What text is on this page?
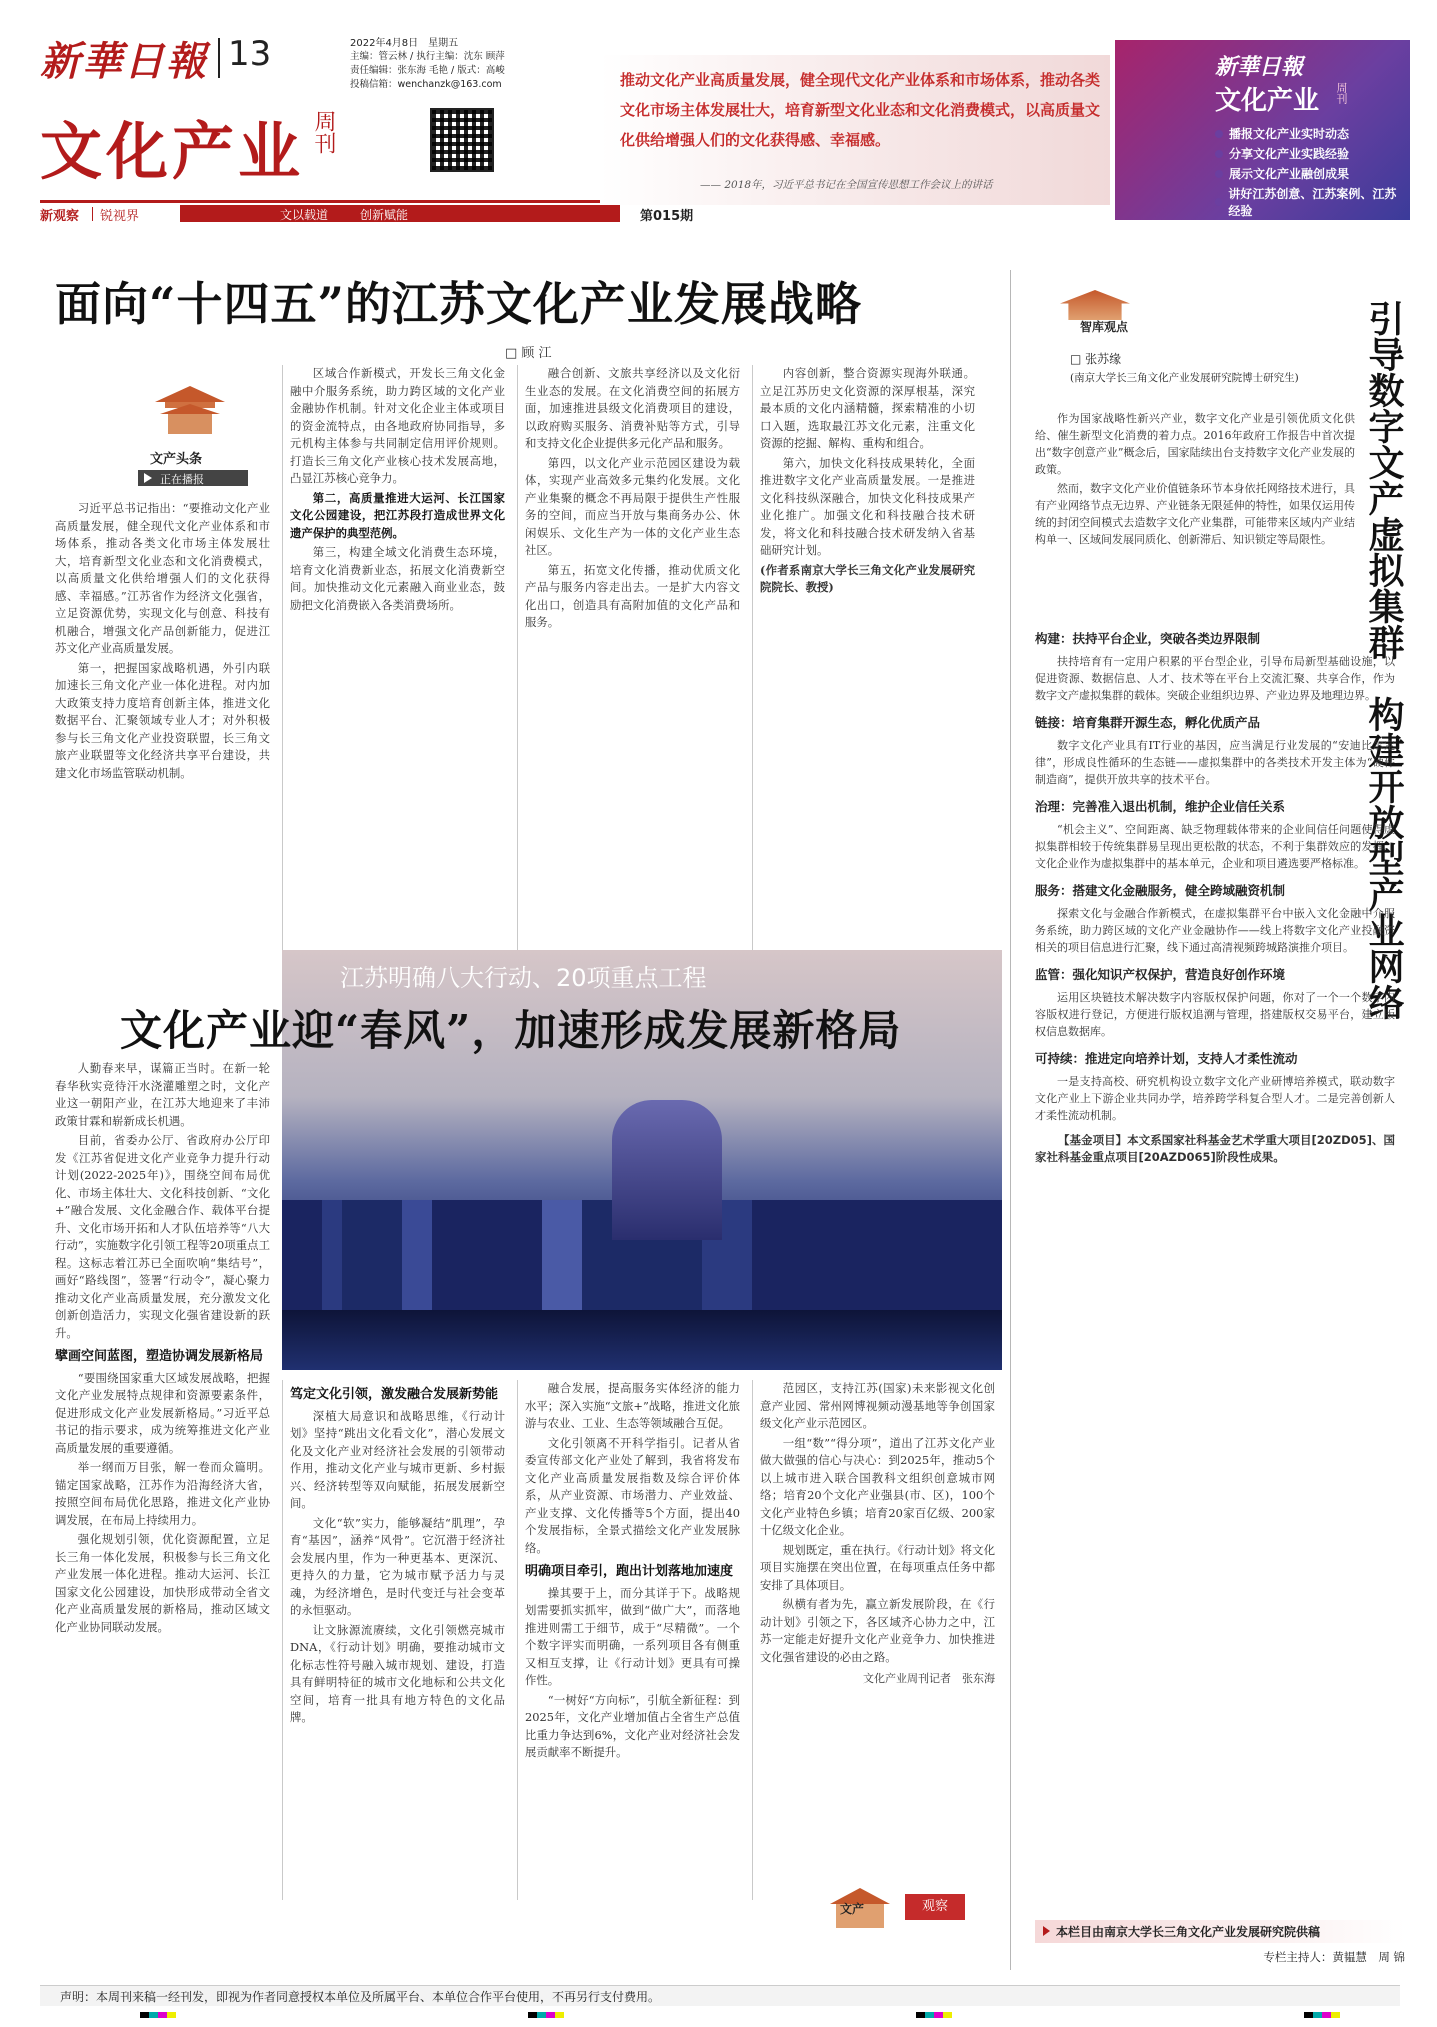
新華日報 13	2022年4月8日　星期五
主编：管云林 / 执行主编：沈东 顾萍
责任编辑：张东海 毛艳 / 版式：高峻
投稿信箱：wenchanzk@163.com
文化产业 周刊
新观察 锐视界	文以载道	创新赋能	第015期
推动文化产业高质量发展，健全现代文化产业体系和市场体系，推动各类文化市场主体发展壮大，培育新型文化业态和文化消费模式，以高质量文化供给增强人们的文化获得感、幸福感。
—— 2018年，习近平总书记在全国宣传思想工作会议上的讲话
新華日報
文化产业 周刊
播报文化产业实时动态
分享文化产业实践经验
展示文化产业融创成果
讲好江苏创意、江苏案例、江苏经验
面向“十四五”的江苏文化产业发展战略
□ 顾 江
文产头条
正在播报

习近平总书记指出：“要推动文化产业高质量发展，健全现代文化产业体系和市场体系，推动各类文化市场主体发展壮大，培育新型文化业态和文化消费模式，以高质量文化供给增强人们的文化获得感、幸福感。”江苏省作为经济文化强省，立足资源优势，实现文化与创意、科技有机融合，增强文化产品创新能力，促进江苏文化产业高质量发展。

第一，把握国家战略机遇，外引内联加速长三角文化产业一体化进程。对内加大政策支持力度培育创新主体，推进文化数据平台、汇聚领域专业人才；对外积极参与长三角文化产业投资联盟，长三角文旅产业联盟等文化经济共享平台建设，共建文化市场监管联动机制。

区域合作新模式，开发长三角文化金融中介服务系统，助力跨区域的文化产业金融协作机制。针对文化企业主体或项目的资金流特点，由各地政府协同指导，多元机构主体参与共同制定信用评价规则。打造长三角文化产业核心技术发展高地，凸显江苏核心竞争力。

第二，高质量推进大运河、长江国家文化公园建设，把江苏段打造成世界文化遗产保护的典型范例。

第三，构建全域文化消费生态环境，培育文化消费新业态，拓展文化消费新空间。加快推动文化元素融入商业业态，鼓励把文化消费嵌入各类消费场所。

融合创新、文旅共享经济以及文化衍生业态的发展。在文化消费空间的拓展方面，加速推进县级文化消费项目的建设，以政府购买服务、消费补贴等方式，引导和支持文化企业提供多元化产品和服务。

第四，以文化产业示范园区建设为载体，实现产业高效多元集约化发展。文化产业集聚的概念不再局限于提供生产性服务的空间，而应当开放与集商务办公、休闲娱乐、文化生产为一体的文化产业生态社区。

第五，拓宽文化传播，推动优质文化产品与服务内容走出去。一是扩大内容文化出口，创造具有高附加值的文化产品和服务。

内容创新，整合资源实现海外联通。立足江苏历史文化资源的深厚根基，深究最本质的文化内涵精髓，探索精准的小切口入题，选取最江苏文化元素，注重文化资源的挖掘、解构、重构和组合。

第六，加快文化科技成果转化，全面推进数字文化产业高质量发展。一是推进文化科技纵深融合，加快文化科技成果产业化推广。加强文化和科技融合技术研发，将文化和科技融合技术研发纳入省基础研究计划。

(作者系南京大学长三角文化产业发展研究院院长、教授)

江苏明确八大行动、20项重点工程
文化产业迎“春风”，加速形成发展新格局

人勤春来早，谋篇正当时。在新一轮春华秋实竞待汗水浇灌雕塑之时，文化产业这一朝阳产业，在江苏大地迎来了丰沛政策甘霖和崭新成长机遇。

目前，省委办公厅、省政府办公厅印发《江苏省促进文化产业竞争力提升行动计划(2022-2025年)》，围绕空间布局优化、市场主体壮大、文化科技创新、“文化+”融合发展、文化金融合作、载体平台提升、文化市场开拓和人才队伍培养等“八大行动”，实施数字化引领工程等20项重点工程。这标志着江苏已全面吹响“集结号”，画好“路线图”，签署“行动令”，凝心聚力推动文化产业高质量发展，充分激发文化创新创造活力，实现文化强省建设新的跃升。

擘画空间蓝图，塑造协调发展新格局

“要围绕国家重大区域发展战略，把握文化产业发展特点规律和资源要素条件，促进形成文化产业发展新格局。”习近平总书记的指示要求，成为统筹推进文化产业高质量发展的重要遵循。

举一纲而万目张，解一卷而众篇明。锚定国家战略，江苏作为沿海经济大省，按照空间布局优化思路，推进文化产业协调发展，在布局上持续用力。

强化规划引领，优化资源配置，立足长三角一体化发展，积极参与长三角文化产业发展一体化进程。推动大运河、长江国家文化公园建设，加快形成带动全省文化产业高质量发展的新格局，推动区域文化产业协同联动发展。

笃定文化引领，激发融合发展新势能

深植大局意识和战略思维，《行动计划》坚持“跳出文化看文化”，潜心发展文化及文化产业对经济社会发展的引领带动作用，推动文化产业与城市更新、乡村振兴、经济转型等双向赋能，拓展发展新空间。

文化“软”实力，能够凝结“肌理”，孕育“基因”，涵养“风骨”。它沉潜于经济社会发展内里，作为一种更基本、更深沉、更持久的力量，它为城市赋予活力与灵魂，为经济增色，是时代变迁与社会变革的永恒驱动。

让文脉源流赓续，文化引领燃亮城市DNA，《行动计划》明确，要推动城市文化标志性符号融入城市规划、建设，打造具有鲜明特征的城市文化地标和公共文化空间，培育一批具有地方特色的文化品牌。

融合发展，提高服务实体经济的能力水平；深入实施“文旅+”战略，推进文化旅游与农业、工业、生态等领域融合互促。

文化引领离不开科学指引。记者从省委宣传部文化产业处了解到，我省将发布文化产业高质量发展指数及综合评价体系，从产业资源、市场潜力、产业效益、产业支撑、文化传播等5个方面，提出40个发展指标，全景式描绘文化产业发展脉络。

明确项目牵引，跑出计划落地加速度

操其要于上，而分其详于下。战略规划需要抓实抓牢，做到“做广大”，而落地推进则需工于细节，成于“尽精微”。一个个数字评实而明确，一系列项目各有侧重又相互支撑，让《行动计划》更具有可操作性。

“一树好“方向标”，引航全新征程：到2025年，文化产业增加值占全省生产总值比重力争达到6%，文化产业对经济社会发展贡献率不断提升。

范园区，支持江苏(国家)未来影视文化创意产业园、常州网博视频动漫基地等争创国家级文化产业示范园区。

一组“数”“得分项”，道出了江苏文化产业做大做强的信心与决心：到2025年，推动5个以上城市进入联合国教科文组织创意城市网络；培育20个文化产业强县(市、区)，100个文化产业特色乡镇；培育20家百亿级、200家十亿级文化企业。

规划既定，重在执行。《行动计划》将文化项目实施摆在突出位置，在每项重点任务中都安排了具体项目。

纵横有者为先，赢立新发展阶段，在《行动计划》引领之下，各区域齐心协力之中，江苏一定能走好提升文化产业竞争力、加快推进文化强省建设的必由之路。

文化产业周刊记者　张东海
文产	观察
智库观点	引导数字文产虚拟集群　构建开放型产业网络
□ 张苏缘
(南京大学长三角文化产业发展研究院博士研究生)

作为国家战略性新兴产业，数字文化产业是引领优质文化供给、催生新型文化消费的着力点。2016年政府工作报告中首次提出“数字创意产业”概念后，国家陆续出台支持数字文化产业发展的政策。

然而，数字文化产业价值链条环节本身依托网络技术进行，具有产业网络节点无边界、产业链条无限延伸的特性，如果仅运用传统的封闭空间模式去造数字文化产业集群，可能带来区域内产业结构单一、区域间发展同质化、创新滞后、知识锁定等局限性。

构建：扶持平台企业，突破各类边界限制

扶持培育有一定用户积累的平台型企业，引导布局新型基础设施，以促进资源、数据信息、人才、技术等在平台上交流汇聚、共享合作，作为数字文产虚拟集群的载体。突破企业组织边界、产业边界及地理边界。

链接：培育集群开源生态，孵化优质产品

数字文化产业具有IT行业的基因，应当满足行业发展的“安迪比尔定律”，形成良性循环的生态链——虚拟集群中的各类技术开发主体为“硬件制造商”，提供开放共享的技术平台。

治理：完善准入退出机制，维护企业信任关系

“机会主义”、空间距离、缺乏物理载体带来的企业间信任问题使得虚拟集群相较于传统集群易呈现出更松散的状态，不利于集群效应的发挥。文化企业作为虚拟集群中的基本单元，企业和项目遴选要严格标准。

服务：搭建文化金融服务，健全跨域融资机制

探索文化与金融合作新模式，在虚拟集群平台中嵌入文化金融中介服务系统，助力跨区域的文化产业金融协作——线上将数字文化产业投融资相关的项目信息进行汇聚，线下通过高清视频跨城路演推介项目。

监管：强化知识产权保护，营造良好创作环境

运用区块链技术解决数字内容版权保护问题，你对了一个一个数字内容版权进行登记，方便进行版权追溯与管理，搭建版权交易平台，建立版权信息数据库。

可持续：推进定向培养计划，支持人才柔性流动

一是支持高校、研究机构设立数字文化产业研博培养模式，联动数字文化产业上下游企业共同办学，培养跨学科复合型人才。二是完善创新人才柔性流动机制。

【基金项目】本文系国家社科基金艺术学重大项目[20ZD05]、国家社科基金重点项目[20AZD065]阶段性成果。

本栏目由南京大学长三角文化产业发展研究院供稿
专栏主持人：黄韫慧　周 锦
声明：本周刊来稿一经刊发，即视为作者同意授权本单位及所属平台、本单位合作平台使用，不再另行支付费用。
